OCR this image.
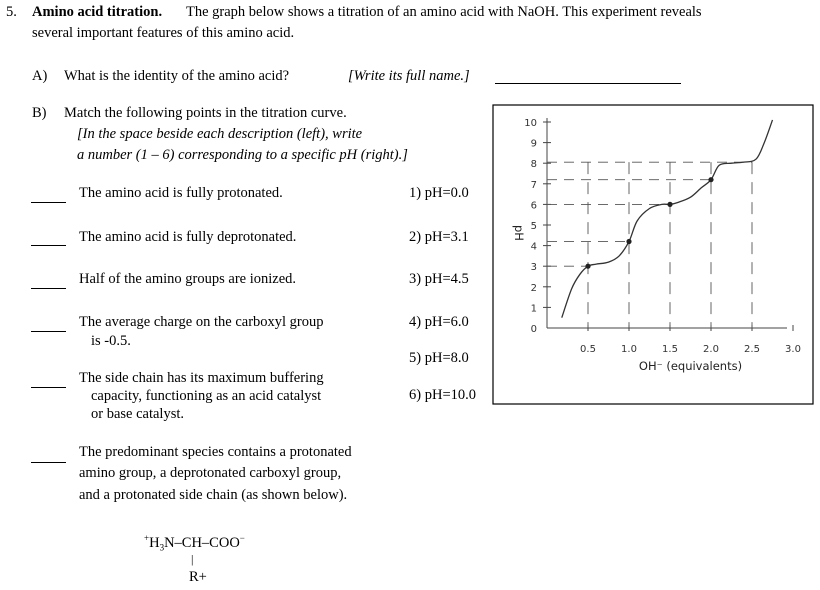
5. Amino acid titration. The graph below shows a titration of an amino acid with NaOH. This experiment reveals
several important features of this amino acid.
A) What is the identity of the amino acid?	[Write its full name.]
B) Match the following points in the titration curve.
[In the space beside each description (left), write
a number (1 – 6) corresponding to a specific pH (right).]
The amino acid is fully protonated.
The amino acid is fully deprotonated.
Half of the amino groups are ionized.
The average charge on the carboxyl group
is -0.5.
The side chain has its maximum buffering
capacity, functioning as an acid catalyst
or base catalyst.
The predominant species contains a protonated
amino group, a deprotonated carboxyl group,
and a protonated side chain (as shown below).
1) pH=0.0
2) pH=3.1
3) pH=4.5
4) pH=6.0
5) pH=8.0
6) pH=10.0
$^+H_3N-CH-COO^-$
|
R+
0
1
2
3
4
5
6
7
8
9
10
0.5	1.0	1.5	2.0	2.5	3.0
pH
OH⁻ (equivalents)
